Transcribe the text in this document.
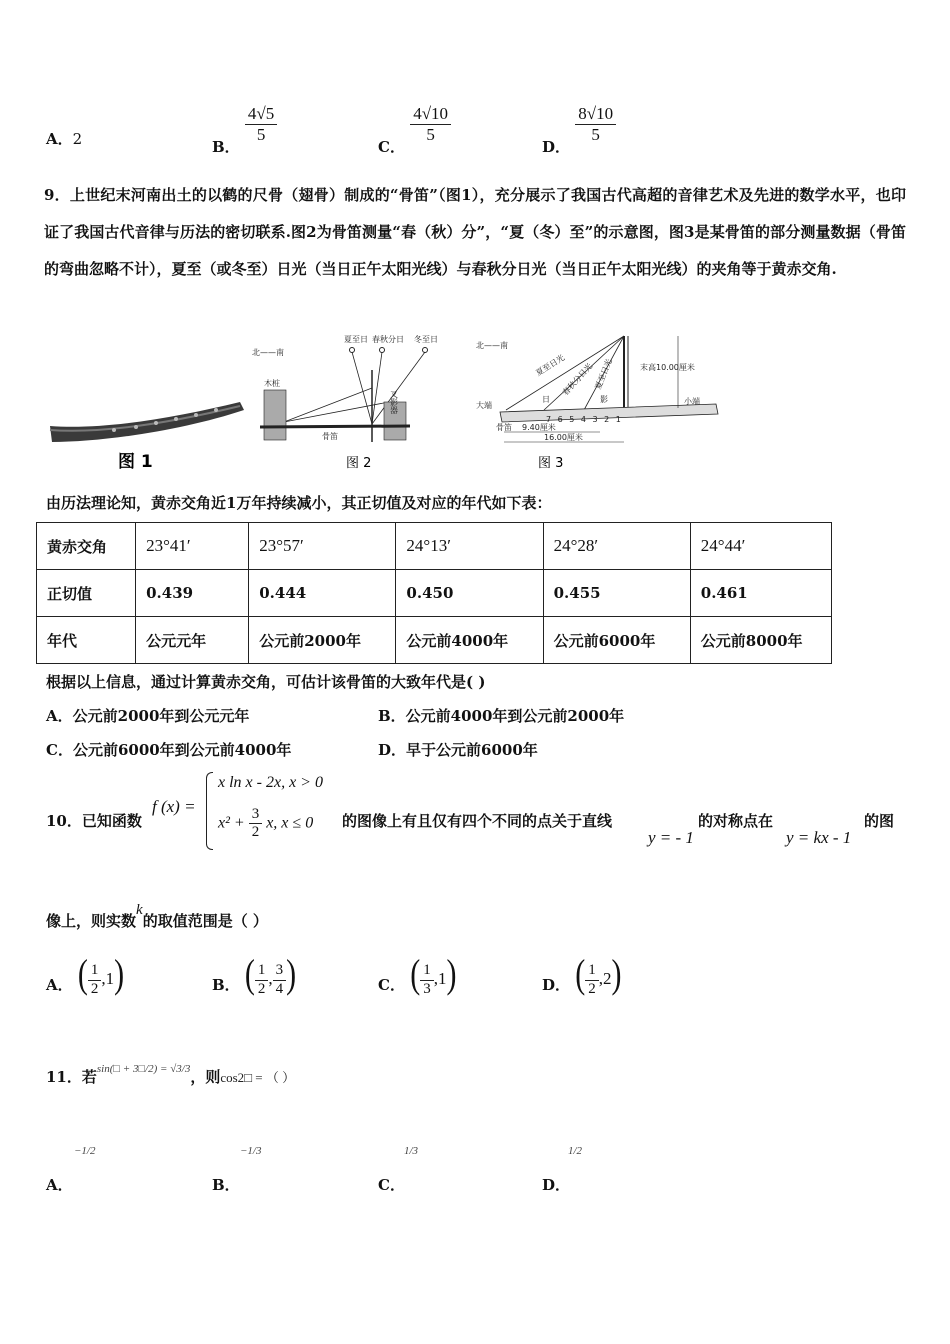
A．2	B．
$\frac{4√5}{5}$
C．
$\frac{4√10}{5}$
D．
$\frac{8√10}{5}$
9．上世纪末河南出土的以鹤的尺骨（翅骨）制成的“骨笛”（图1），充分展示了我国古代高超的音律艺术及先进的数学水平，也印证了我国古代音律与历法的密切联系.图2为骨笛测量“春（秋）分”，“夏（冬）至”的示意图，图3是某骨笛的部分测量数据（骨笛的弯曲忽略不计），夏至（或冬至）日光（当日正午太阳光线）与春秋分日光（当日正午太阳光线）的夹角等于黄赤交角.
图 1
北——南
夏至日 春秋分日 冬至日
木桩
骨笛
叉影器
图 2
北——南
夏至日光
春秋分日光 夏至日光
大端	小端
日	影
骨笛
7 6 5 4 3 2 1
9.40厘米
16.00厘米
末高10.00厘米
图 3
由历法理论知，黄赤交角近1万年持续减小，其正切值及对应的年代如下表：
黄赤交角	23°41′	23°57′	24°13′	24°28′	24°44′
正切值	0.439	0.444	0.450	0.455	0.461
年代	公元元年	公元前2000年	公元前4000年	公元前6000年	公元前8000年
根据以上信息，通过计算黄赤交角，可估计该骨笛的大致年代是( )
A．公元前2000年到公元元年	B．公元前4000年到公元前2000年
C．公元前6000年到公元前4000年	D．早于公元前6000年
10．已知函数
f (x) =
x ln x - 2x, x > 0
$x^2 + \frac{3}{2} x$, x ≤ 0 的图像上有且仅有四个不同的点关于直线
y = - 1
的对称点在
y = kx - 1
的图
像上，则实数k的取值范围是（ ）
A． ( $\frac{1}{2} ,1$)	B． ( $\frac{1}{2}$ , $\frac{3}{4}$ )	C． ( $\frac{1}{3} ,1$)	D． ( $\frac{1}{2} ,2$)
11．若$^{sin(□ + 3□/2) = √3/3}$，则cos2□ = （ ）
−1/2
A．
−1/3
B．
1/3
C．
1/2
D．
